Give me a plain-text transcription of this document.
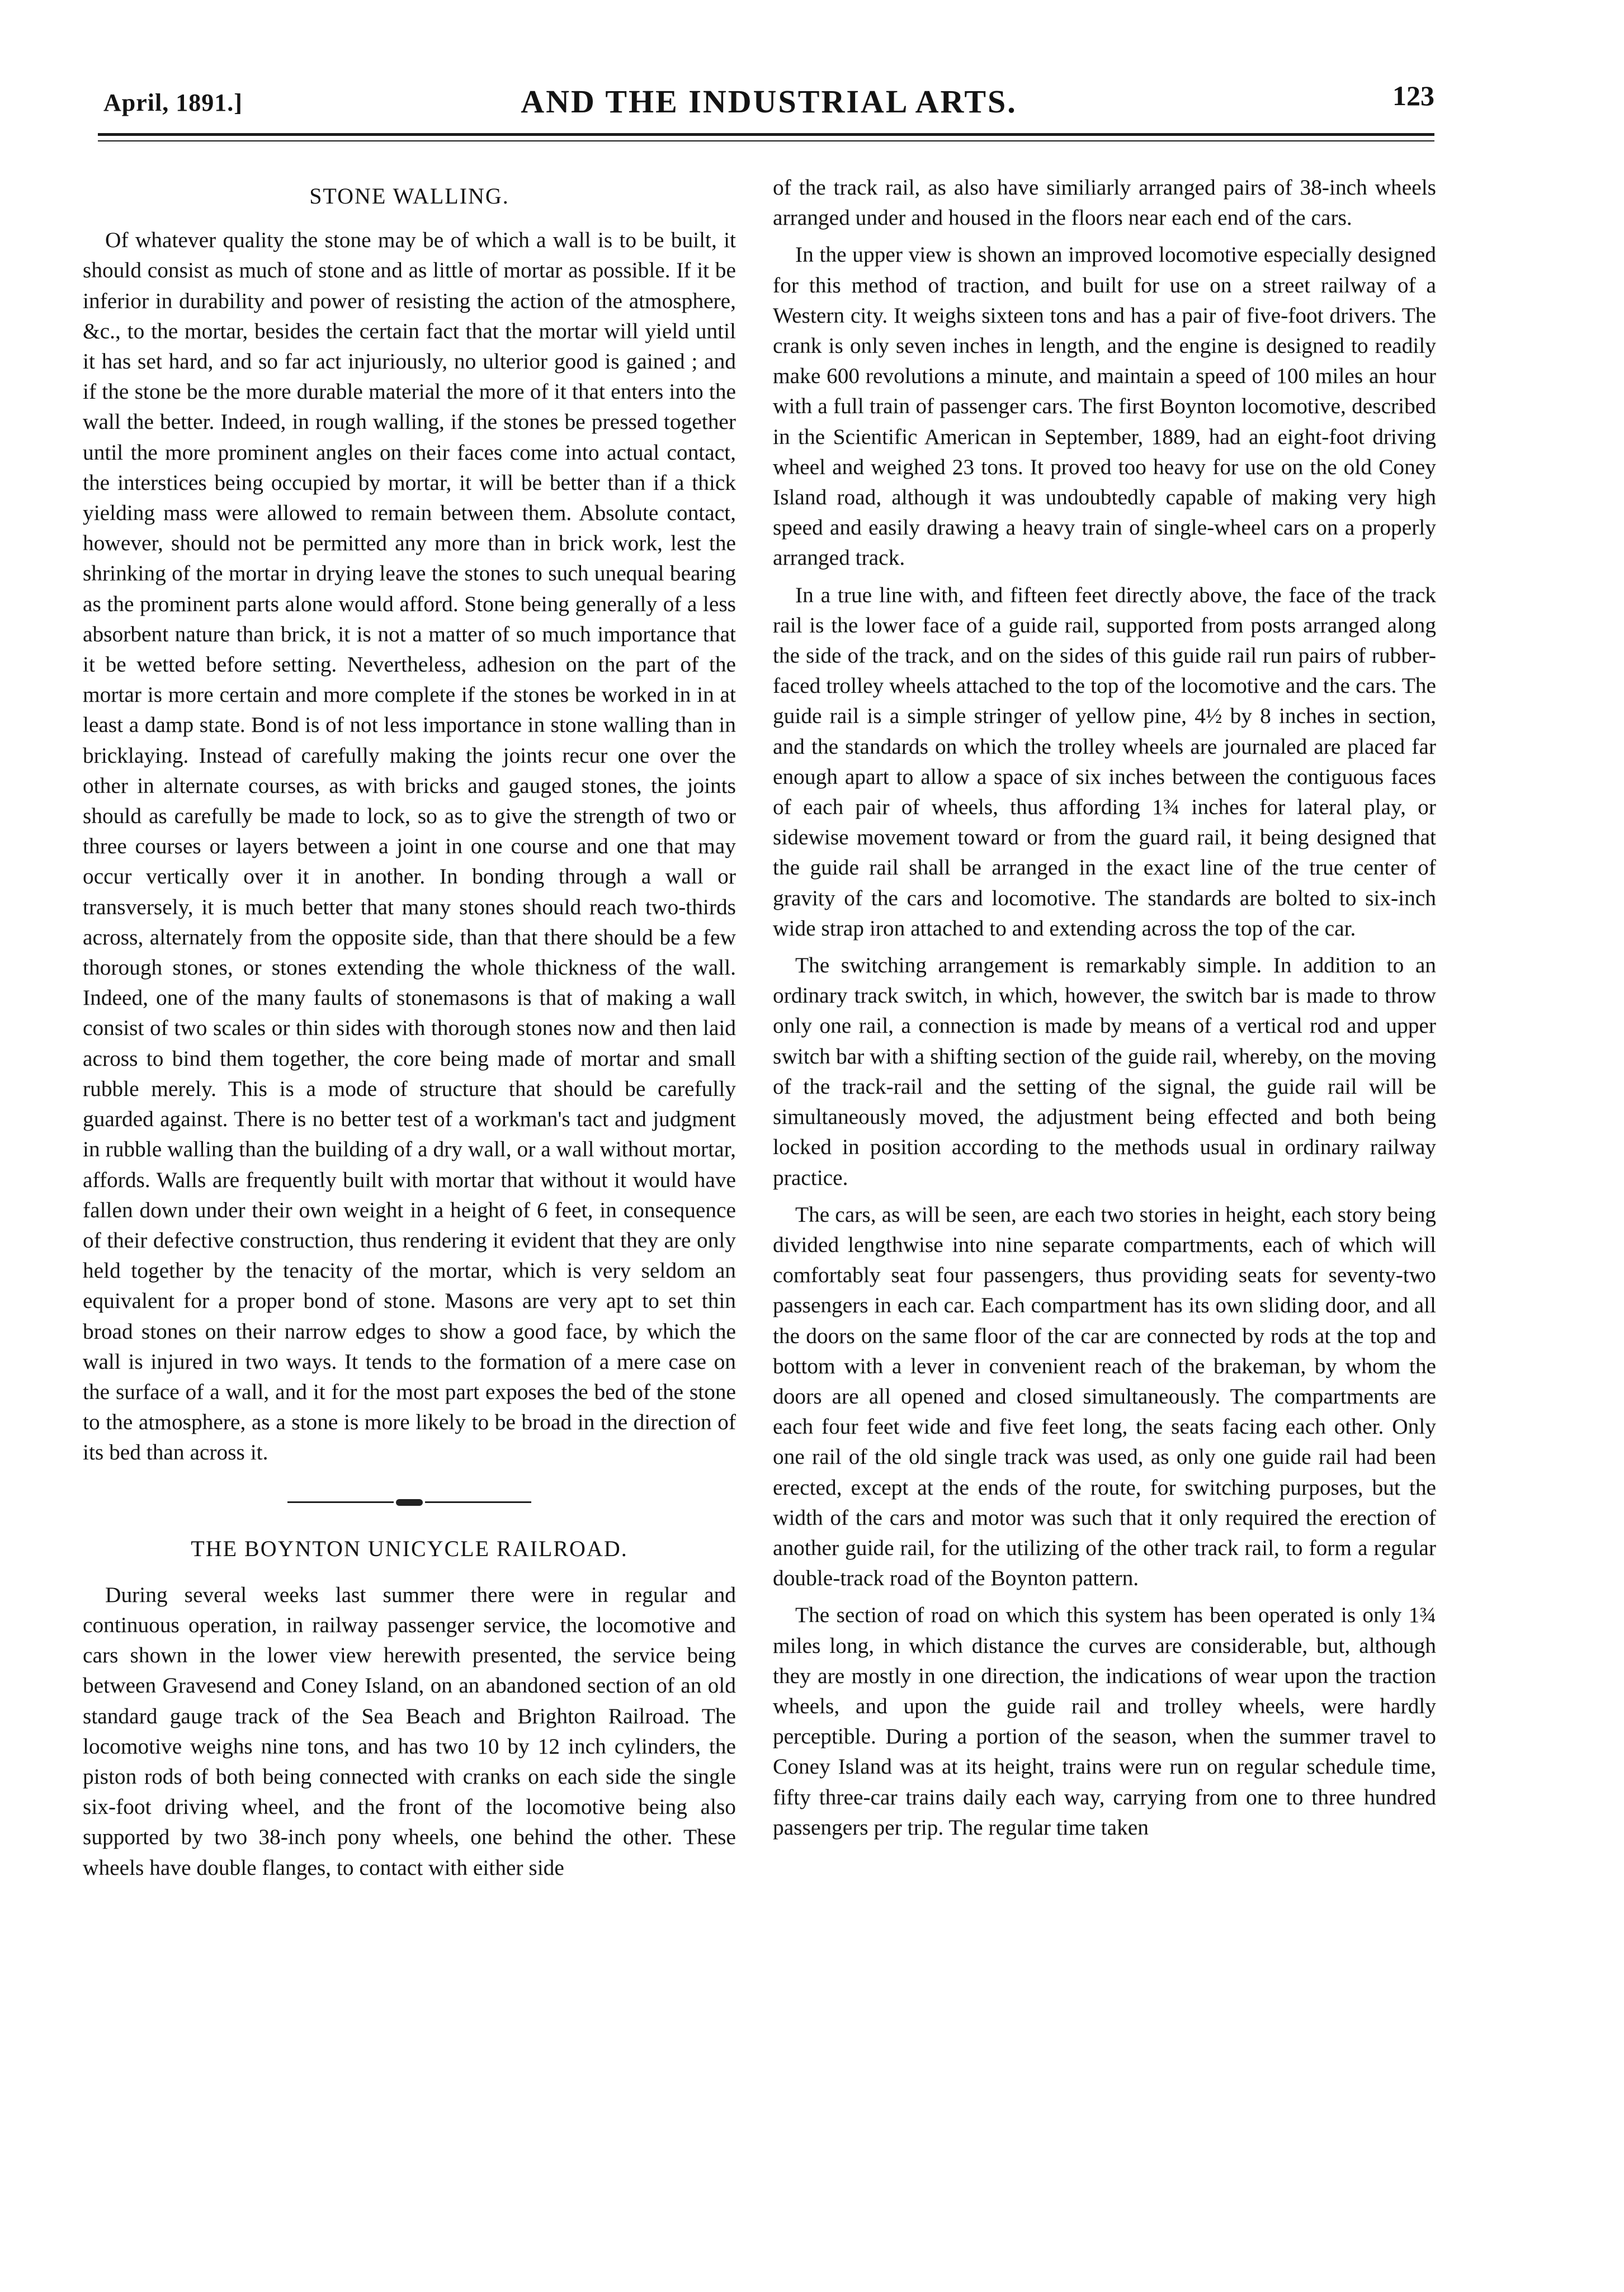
April, 1891.]	AND THE INDUSTRIAL ARTS.	123
STONE WALLING.

Of whatever quality the stone may be of which a wall is to be built, it should consist as much of stone and as little of mortar as possible. If it be inferior in durability and power of resisting the action of the atmosphere, &c., to the mortar, besides the certain fact that the mortar will yield until it has set hard, and so far act injuriously, no ulterior good is gained ; and if the stone be the more durable material the more of it that enters into the wall the better. Indeed, in rough walling, if the stones be pressed together until the more prominent angles on their faces come into actual contact, the interstices being occupied by mortar, it will be better than if a thick yielding mass were allowed to remain between them. Absolute contact, however, should not be permitted any more than in brick work, lest the shrinking of the mortar in drying leave the stones to such unequal bearing as the prominent parts alone would afford. Stone being generally of a less absorbent nature than brick, it is not a matter of so much importance that it be wetted before setting. Nevertheless, adhesion on the part of the mortar is more certain and more complete if the stones be worked in in at least a damp state. Bond is of not less importance in stone walling than in bricklaying. Instead of carefully making the joints recur one over the other in alternate courses, as with bricks and gauged stones, the joints should as carefully be made to lock, so as to give the strength of two or three courses or layers between a joint in one course and one that may occur vertically over it in another. In bonding through a wall or transversely, it is much better that many stones should reach two-thirds across, alternately from the opposite side, than that there should be a few thorough stones, or stones extending the whole thickness of the wall. Indeed, one of the many faults of stonemasons is that of making a wall consist of two scales or thin sides with thorough stones now and then laid across to bind them together, the core being made of mortar and small rubble merely. This is a mode of structure that should be carefully guarded against. There is no better test of a workman's tact and judgment in rubble walling than the building of a dry wall, or a wall without mortar, affords. Walls are frequently built with mortar that without it would have fallen down under their own weight in a height of 6 feet, in consequence of their defective construction, thus rendering it evident that they are only held together by the tenacity of the mortar, which is very seldom an equivalent for a proper bond of stone. Masons are very apt to set thin broad stones on their narrow edges to show a good face, by which the wall is injured in two ways. It tends to the formation of a mere case on the surface of a wall, and it for the most part exposes the bed of the stone to the atmosphere, as a stone is more likely to be broad in the direction of its bed than across it.

THE BOYNTON UNICYCLE RAILROAD.

During several weeks last summer there were in regular and continuous operation, in railway passenger service, the locomotive and cars shown in the lower view herewith presented, the service being between Gravesend and Coney Island, on an abandoned section of an old standard gauge track of the Sea Beach and Brighton Railroad. The locomotive weighs nine tons, and has two 10 by 12 inch cylinders, the piston rods of both being connected with cranks on each side the single six-foot driving wheel, and the front of the locomotive being also supported by two 38-inch pony wheels, one behind the other. These wheels have double flanges, to contact with either side

of the track rail, as also have similiarly arranged pairs of 38-inch wheels arranged under and housed in the floors near each end of the cars.

In the upper view is shown an improved locomotive especially designed for this method of traction, and built for use on a street railway of a Western city. It weighs sixteen tons and has a pair of five-foot drivers. The crank is only seven inches in length, and the engine is designed to readily make 600 revolutions a minute, and maintain a speed of 100 miles an hour with a full train of passenger cars. The first Boynton locomotive, described in the Scientific American in September, 1889, had an eight-foot driving wheel and weighed 23 tons. It proved too heavy for use on the old Coney Island road, although it was undoubtedly capable of making very high speed and easily drawing a heavy train of single-wheel cars on a properly arranged track.

In a true line with, and fifteen feet directly above, the face of the track rail is the lower face of a guide rail, supported from posts arranged along the side of the track, and on the sides of this guide rail run pairs of rubber-faced trolley wheels attached to the top of the locomotive and the cars. The guide rail is a simple stringer of yellow pine, 4½ by 8 inches in section, and the standards on which the trolley wheels are journaled are placed far enough apart to allow a space of six inches between the contiguous faces of each pair of wheels, thus affording 1¾ inches for lateral play, or sidewise movement toward or from the guard rail, it being designed that the guide rail shall be arranged in the exact line of the true center of gravity of the cars and locomotive. The standards are bolted to six-inch wide strap iron attached to and extending across the top of the car.

The switching arrangement is remarkably simple. In addition to an ordinary track switch, in which, however, the switch bar is made to throw only one rail, a connection is made by means of a vertical rod and upper switch bar with a shifting section of the guide rail, whereby, on the moving of the track-rail and the setting of the signal, the guide rail will be simultaneously moved, the adjustment being effected and both being locked in position according to the methods usual in ordinary railway practice.

The cars, as will be seen, are each two stories in height, each story being divided lengthwise into nine separate compartments, each of which will comfortably seat four passengers, thus providing seats for seventy-two passengers in each car. Each compartment has its own sliding door, and all the doors on the same floor of the car are connected by rods at the top and bottom with a lever in convenient reach of the brakeman, by whom the doors are all opened and closed simultaneously. The compartments are each four feet wide and five feet long, the seats facing each other. Only one rail of the old single track was used, as only one guide rail had been erected, except at the ends of the route, for switching purposes, but the width of the cars and motor was such that it only required the erection of another guide rail, for the utilizing of the other track rail, to form a regular double-track road of the Boynton pattern.

The section of road on which this system has been operated is only 1¾ miles long, in which distance the curves are considerable, but, although they are mostly in one direction, the indications of wear upon the traction wheels, and upon the guide rail and trolley wheels, were hardly perceptible. During a portion of the season, when the summer travel to Coney Island was at its height, trains were run on regular schedule time, fifty three-car trains daily each way, carrying from one to three hundred passengers per trip. The regular time taken
